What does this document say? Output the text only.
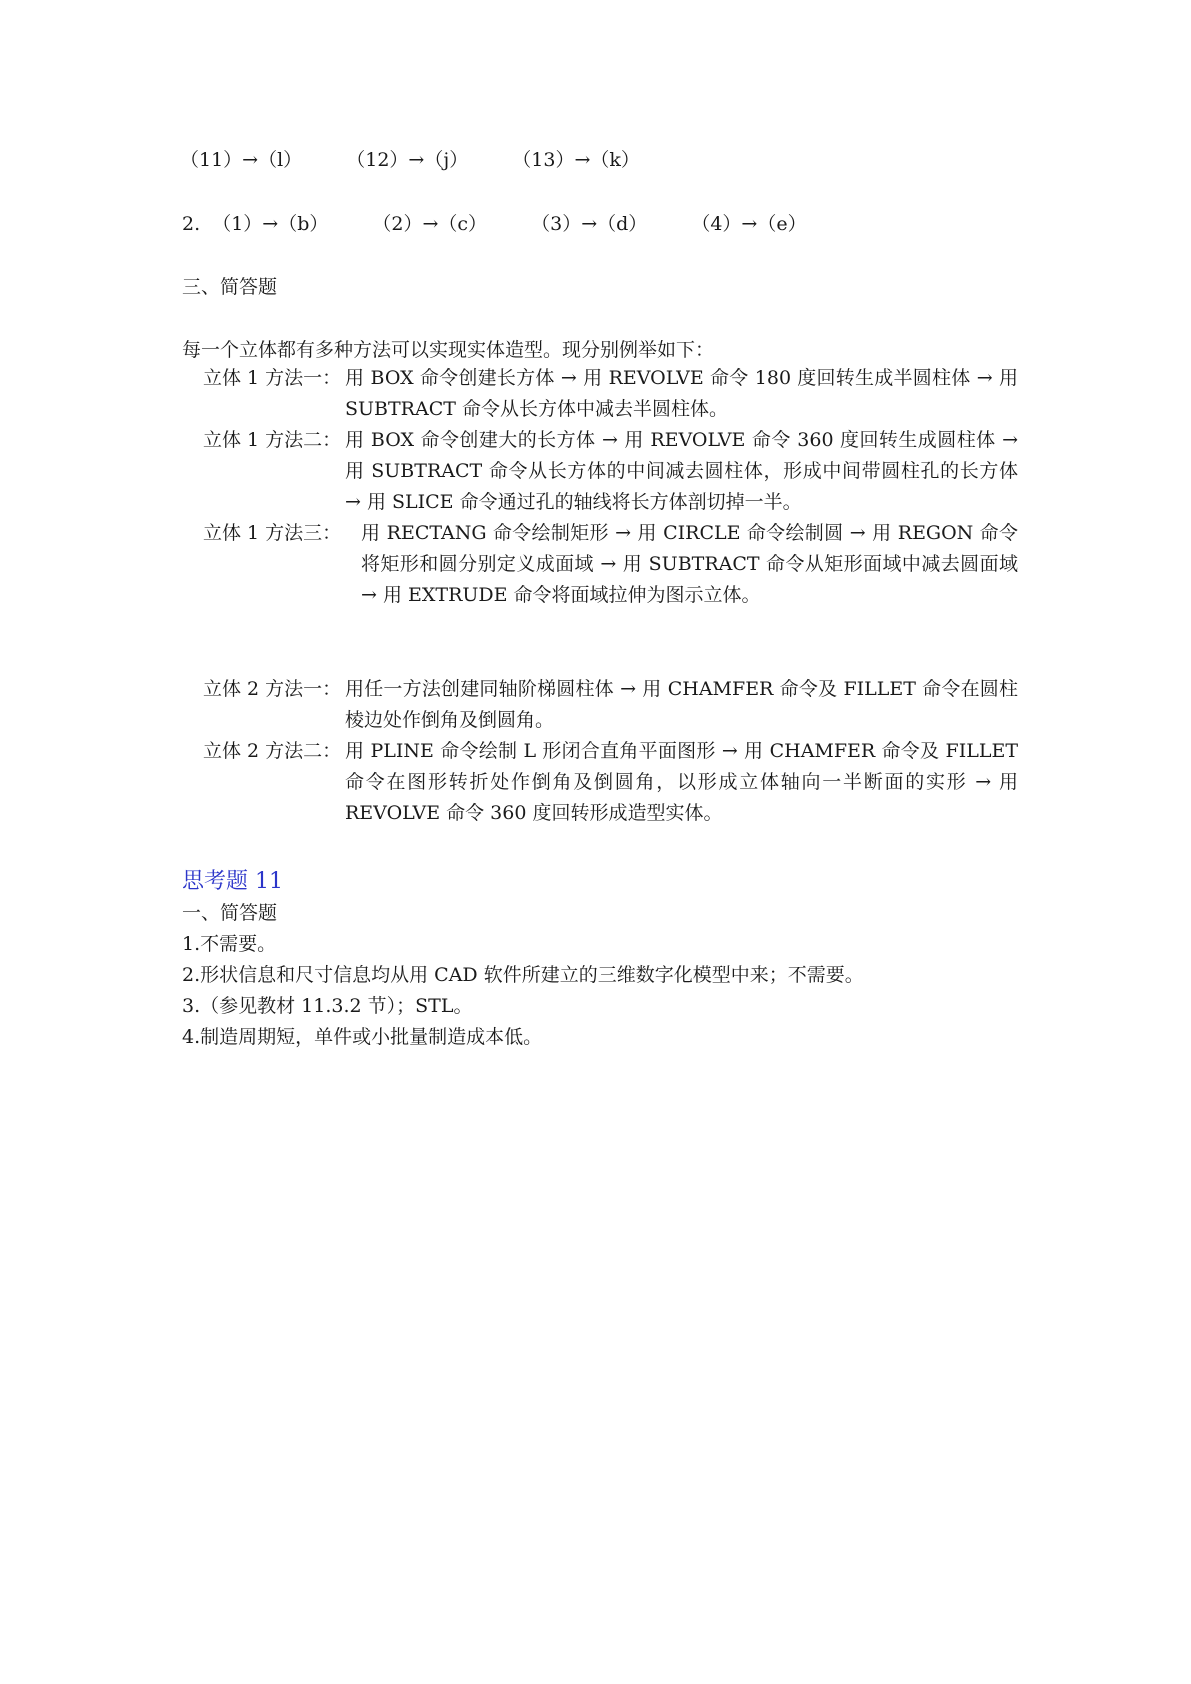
（11）→（l） （12）→（j） （13）→（k）
2. （1）→（b） （2）→（c） （3）→（d） （4）→（e）
三、简答题
每一个立体都有多种方法可以实现实体造型。现分别例举如下：
立体 1 方法一： 用 BOX 命令创建长方体 → 用 REVOLVE 命令 180 度回转生成半圆柱体 → 用 SUBTRACT 命令从长方体中减去半圆柱体。
立体 1 方法二： 用 BOX 命令创建大的长方体 → 用 REVOLVE 命令 360 度回转生成圆柱体 → 用 SUBTRACT 命令从长方体的中间减去圆柱体，形成中间带圆柱孔的长方体 → 用 SLICE 命令通过孔的轴线将长方体剖切掉一半。
立体 1 方法三：	用 RECTANG 命令绘制矩形 → 用 CIRCLE 命令绘制圆 → 用 REGON 命令将矩形和圆分别定义成面域 → 用 SUBTRACT 命令从矩形面域中减去圆面域 → 用 EXTRUDE 命令将面域拉伸为图示立体。
立体 2 方法一： 用任一方法创建同轴阶梯圆柱体 → 用 CHAMFER 命令及 FILLET 命令在圆柱棱边处作倒角及倒圆角。
立体 2 方法二： 用 PLINE 命令绘制 L 形闭合直角平面图形 → 用 CHAMFER 命令及 FILLET 命令在图形转折处作倒角及倒圆角，以形成立体轴向一半断面的实形 → 用 REVOLVE 命令 360 度回转形成造型实体。
思考题 11
一、简答题
1.不需要。
2.形状信息和尺寸信息均从用 CAD 软件所建立的三维数字化模型中来；不需要。
3.（参见教材 11.3.2 节）；STL。
4.制造周期短，单件或小批量制造成本低。
